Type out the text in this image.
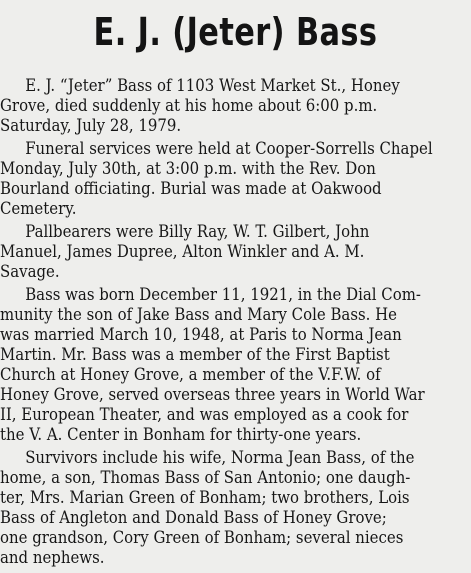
E. J. (Jeter) Bass
E. J. “Jeter” Bass of 1103 West Market St., Honey
Grove, died suddenly at his home about 6:00 p.m.
Saturday, July 28, 1979.
Funeral services were held at Cooper-Sorrells Chapel
Monday, July 30th, at 3:00 p.m. with the Rev. Don
Bourland officiating. Burial was made at Oakwood
Cemetery.
Pallbearers were Billy Ray, W. T. Gilbert, John
Manuel, James Dupree, Alton Winkler and A. M.
Savage.
Bass was born December 11, 1921, in the Dial Com-
munity the son of Jake Bass and Mary Cole Bass. He
was married March 10, 1948, at Paris to Norma Jean
Martin. Mr. Bass was a member of the First Baptist
Church at Honey Grove, a member of the V.F.W. of
Honey Grove, served overseas three years in World War
II, European Theater, and was employed as a cook for
the V. A. Center in Bonham for thirty-one years.
Survivors include his wife, Norma Jean Bass, of the
home, a son, Thomas Bass of San Antonio; one daugh-
ter, Mrs. Marian Green of Bonham; two brothers, Lois
Bass of Angleton and Donald Bass of Honey Grove;
one grandson, Cory Green of Bonham; several nieces
and nephews.
